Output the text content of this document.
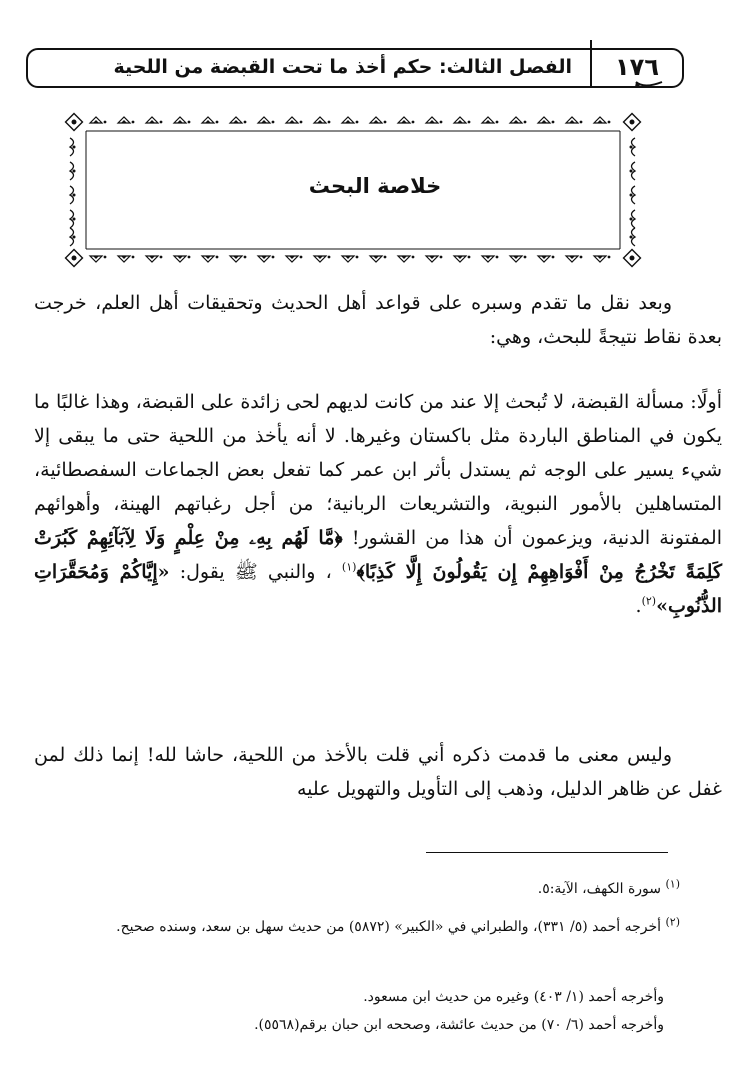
الفصل الثالث: حكم أخذ ما تحت القبضة من اللحية	١٧٦
خلاصة البحث

وبعد نقل ما تقدم وسبره على قواعد أهل الحديث وتحقيقات أهل العلم، خرجت بعدة نقاط نتيجةً للبحث، وهي:

أولًا: مسألة القبضة، لا تُبحث إلا عند من كانت لديهم لحى زائدة على القبضة، وهذا غالبًا ما يكون في المناطق الباردة مثل باكستان وغيرها. لا أنه يأخذ من اللحية حتى ما يبقى إلا شيء يسير على الوجه ثم يستدل بأثر ابن عمر كما تفعل بعض الجماعات السفصطائية، المتساهلين بالأمور النبوية، والتشريعات الربانية؛ من أجل رغباتهم الهينة، وأهوائهم المفتونة الدنية، ويزعمون أن هذا من القشور! ﴿مَّا لَهُم بِهِۦ مِنْ عِلْمٍ وَلَا لِآبَآئِهِمْ كَبُرَتْ كَلِمَةً تَخْرُجُ مِنْ أَفْوَاهِهِمْ إِن يَقُولُونَ إِلَّا كَذِبًا﴾$^{(١)}$ ، والنبي ﷺ يقول: «إِيَّاكُمْ وَمُحَقَّرَاتِ الذُّنُوبِ»$^{(٢)}$.

وليس معنى ما قدمت ذكره أني قلت بالأخذ من اللحية، حاشا لله! إنما ذلك لمن غفل عن ظاهر الدليل، وذهب إلى التأويل والتهويل عليه

$^{(١)}$ سورة الكهف، الآية:٥.
$^{(٢)}$ أخرجه أحمد (٥/ ٣٣١)، والطبراني في «الكبير» (٥٨٧٢) من حديث سهل بن سعد، وسنده صحيح.
وأخرجه أحمد (١/ ٤٠٣) وغيره من حديث ابن مسعود.
وأخرجه أحمد (٦/ ٧٠) من حديث عائشة، وصححه ابن حبان برقم(٥٥٦٨).
